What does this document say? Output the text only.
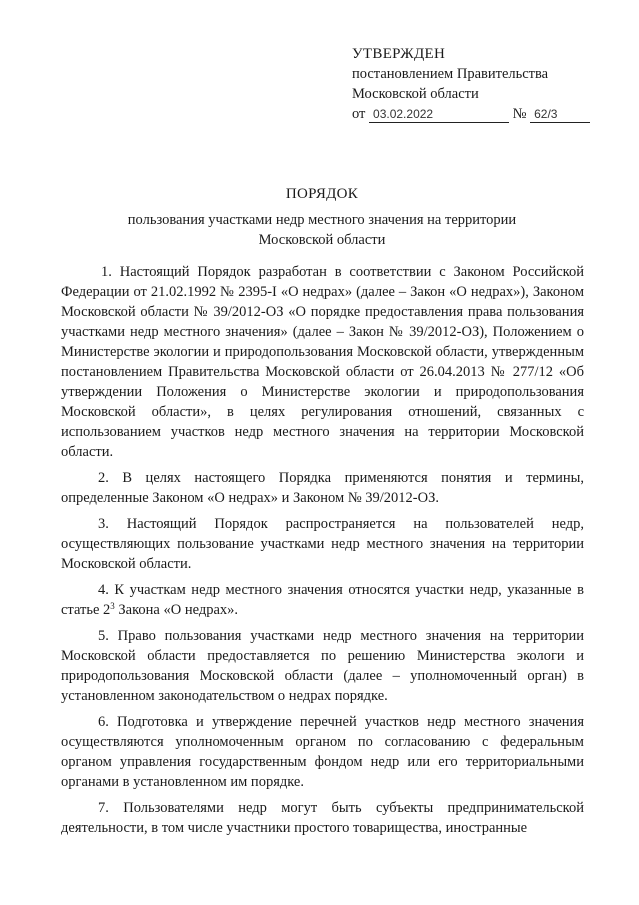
УТВЕРЖДЕН
постановлением Правительства
Московской области
от 03.02.2022	№ 62/3
ПОРЯДОК
пользования участками недр местного значения на территории Московской области

1. Настоящий Порядок разработан в соответствии с Законом Российской Федерации от 21.02.1992 № 2395-I «О недрах» (далее – Закон «О недрах»), Законом Московской области № 39/2012-ОЗ «О порядке предоставления права пользования участками недр местного значения» (далее – Закон № 39/2012-ОЗ), Положением о Министерстве экологии и природопользования Московской области, утвержденным постановлением Правительства Московской области от 26.04.2013 № 277/12 «Об утверждении Положения о Министерстве экологии и природопользования Московской области», в целях регулирования отношений, связанных с использованием участков недр местного значения на территории Московской области.

2. В целях настоящего Порядка применяются понятия и термины, определенные Законом «О недрах» и Законом № 39/2012-ОЗ.

3. Настоящий Порядок распространяется на пользователей недр, осуществляющих пользование участками недр местного значения на территории Московской области.

4. К участкам недр местного значения относятся участки недр, указанные в статье $2^3$ Закона «О недрах».

5. Право пользования участками недр местного значения на территории Московской области предоставляется по решению Министерства экологи и природопользования Московской области (далее – уполномоченный орган) в установленном законодательством о недрах порядке.

6. Подготовка и утверждение перечней участков недр местного значения осуществляются уполномоченным органом по согласованию с федеральным органом управления государственным фондом недр или его территориальными органами в установленном им порядке.

7. Пользователями недр могут быть субъекты предпринимательской деятельности, в том числе участники простого товарищества, иностранные
